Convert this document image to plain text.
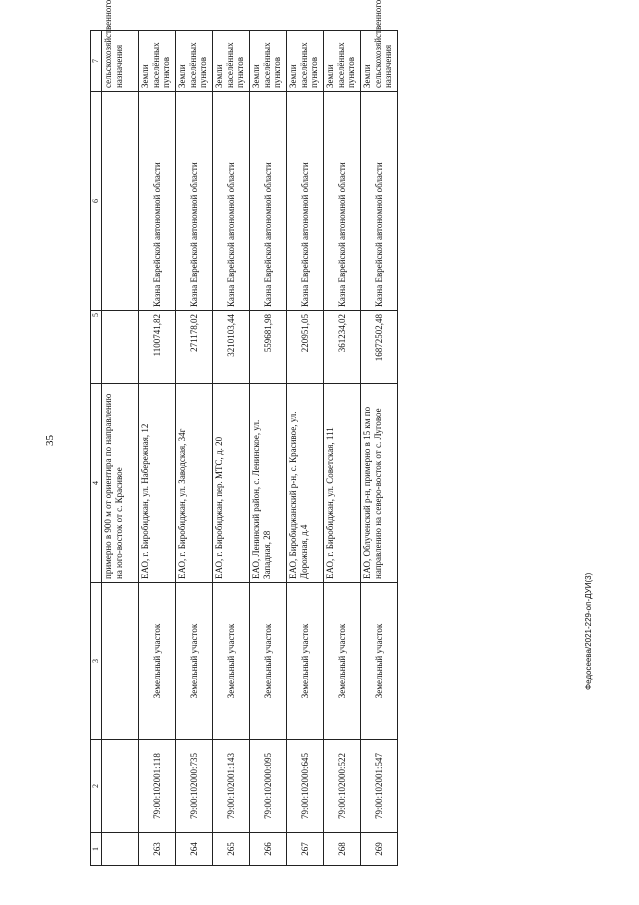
35
Федосеева/2021-229-оп-ДУИ(3)
1	2	3	4	5	6	7
			примерно в 900 м от ориентира по направлению на юго-восток от с. Красивое			сельскохозяйственного назначения
263	79:00:102001:118	Земельный участок	ЕАО, г. Биробиджан, ул. Набережная, 12	1100741,82	Казна Еврейской автономной области	Земли населённых пунктов
264	79:00:102000:735	Земельный участок	ЕАО, г. Биробиджан, ул. Заводская, 34г	271178,02	Казна Еврейской автономной области	Земли населённых пунктов
265	79:00:102001:143	Земельный участок	ЕАО, г. Биробиджан, пер. МТС, д. 20	3210103,44	Казна Еврейской автономной области	Земли населённых пунктов
266	79:00:102000:095	Земельный участок	ЕАО, Ленинский район, с. Ленинское, ул. Западная, 28	559681,98	Казна Еврейской автономной области	Земли населённых пунктов
267	79:00:102000:645	Земельный участок	ЕАО, Биробиджанский р-н, с. Красивое, ул. Дорожная, д.4	220951,05	Казна Еврейской автономной области	Земли населённых пунктов
268	79:00:102000:522	Земельный участок	ЕАО, г. Биробиджан, ул. Советская, 111	361234,02	Казна Еврейской автономной области	Земли населённых пунктов
269	79:00:102001:547	Земельный участок	ЕАО, Облученский р-н, примерно в 15 км по направлению на северо-восток от с. Луговое	16872502,48	Казна Еврейской автономной области	Земли сельскохозяйственного назначения
